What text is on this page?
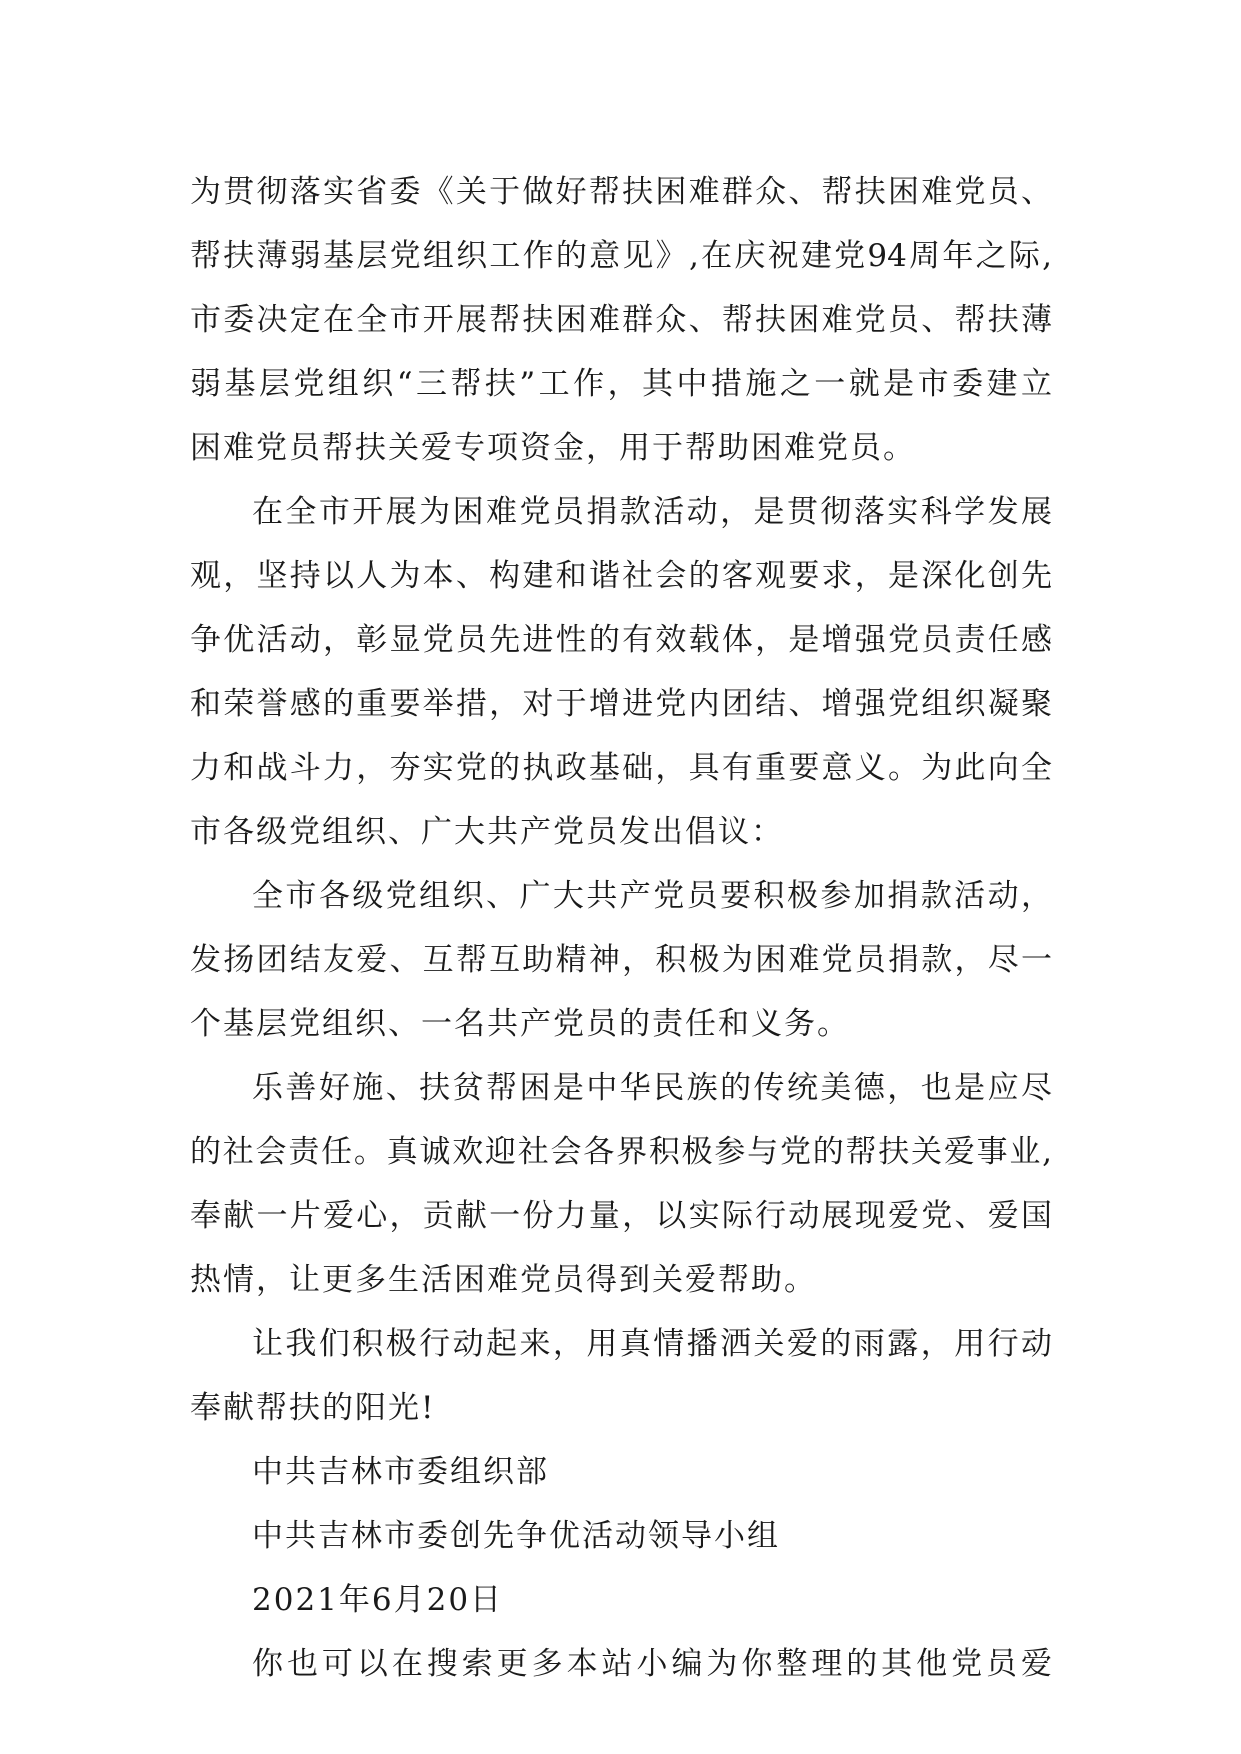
为贯彻落实省委《关于做好帮扶困难群众、帮扶困难党员、
帮扶薄弱基层党组织工作的意见》,在庆祝建党94周年之际,
市委决定在全市开展帮扶困难群众、帮扶困难党员、帮扶薄
弱基层党组织“三帮扶”工作，其中措施之一就是市委建立
困难党员帮扶关爱专项资金，用于帮助困难党员。
在全市开展为困难党员捐款活动，是贯彻落实科学发展
观，坚持以人为本、构建和谐社会的客观要求，是深化创先
争优活动，彰显党员先进性的有效载体，是增强党员责任感
和荣誉感的重要举措，对于增进党内团结、增强党组织凝聚
力和战斗力，夯实党的执政基础，具有重要意义。为此向全
市各级党组织、广大共产党员发出倡议：
全市各级党组织、广大共产党员要积极参加捐款活动，
发扬团结友爱、互帮互助精神，积极为困难党员捐款，尽一
个基层党组织、一名共产党员的责任和义务。
乐善好施、扶贫帮困是中华民族的传统美德，也是应尽
的社会责任。真诚欢迎社会各界积极参与党的帮扶关爱事业,
奉献一片爱心，贡献一份力量，以实际行动展现爱党、爱国
热情，让更多生活困难党员得到关爱帮助。
让我们积极行动起来，用真情播洒关爱的雨露，用行动
奉献帮扶的阳光!
中共吉林市委组织部
中共吉林市委创先争优活动领导小组
2021年6月20日
你也可以在搜索更多本站小编为你整理的其他党员爱
